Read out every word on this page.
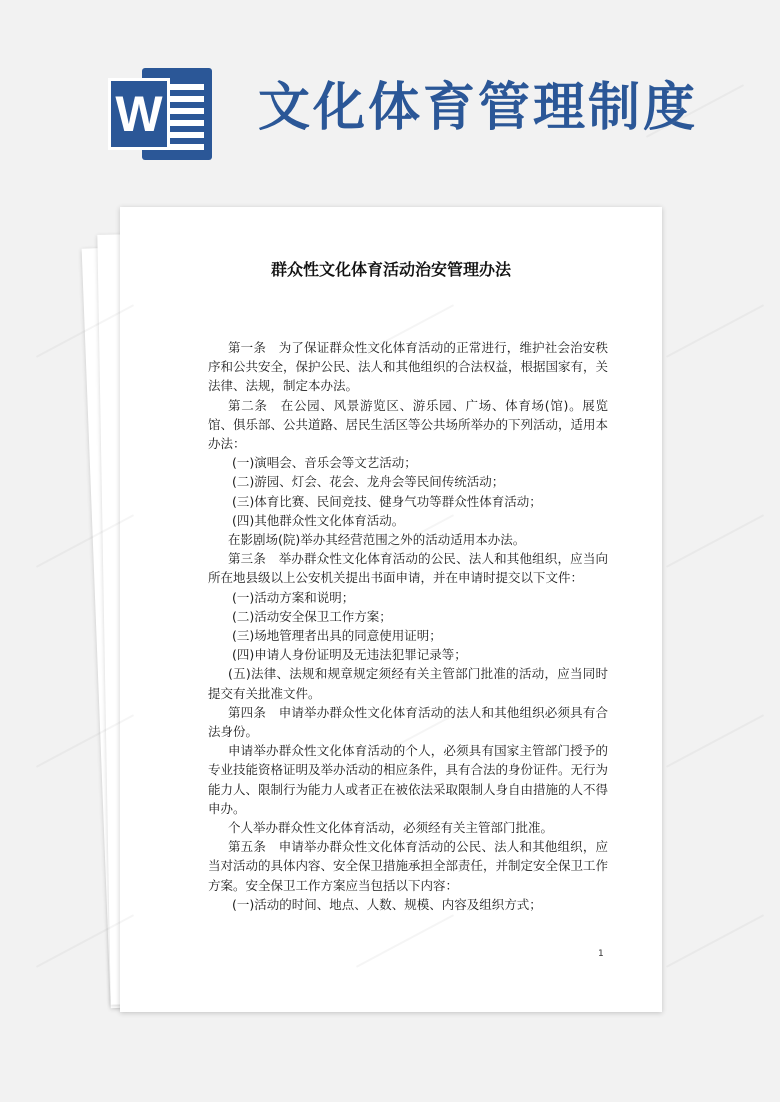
W 文化体育管理制度
群众性文化体育活动治安管理办法

第一条　为了保证群众性文化体育活动的正常进行，维护社会治安秩序和公共安全，保护公民、法人和其他组织的合法权益，根据国家有，关法律、法规，制定本办法。

第二条　在公园、风景游览区、游乐园、广场、体育场(馆)。展览馆、俱乐部、公共道路、居民生活区等公共场所举办的下列活动，适用本办法：

(一)演唱会、音乐会等文艺活动；

(二)游园、灯会、花会、龙舟会等民间传统活动；

(三)体育比赛、民间竞技、健身气功等群众性体育活动；

(四)其他群众性文化体育活动。

在影剧场(院)举办其经营范围之外的活动适用本办法。

第三条　举办群众性文化体育活动的公民、法人和其他组织，应当向所在地县级以上公安机关提出书面申请，并在申请时提交以下文件：

(一)活动方案和说明；

(二)活动安全保卫工作方案；

(三)场地管理者出具的同意使用证明；

(四)申请人身份证明及无违法犯罪记录等；

(五)法律、法规和规章规定须经有关主管部门批准的活动，应当同时提交有关批准文件。

第四条　申请举办群众性文化体育活动的法人和其他组织必须具有合法身份。

申请举办群众性文化体育活动的个人，必须具有国家主管部门授予的专业技能资格证明及举办活动的相应条件，具有合法的身份证件。无行为能力人、限制行为能力人或者正在被依法采取限制人身自由措施的人不得申办。

个人举办群众性文化体育活动，必须经有关主管部门批准。

第五条　申请举办群众性文化体育活动的公民、法人和其他组织，应当对活动的具体内容、安全保卫措施承担全部责任，并制定安全保卫工作方案。安全保卫工作方案应当包括以下内容：

(一)活动的时间、地点、人数、规模、内容及组织方式；

1
